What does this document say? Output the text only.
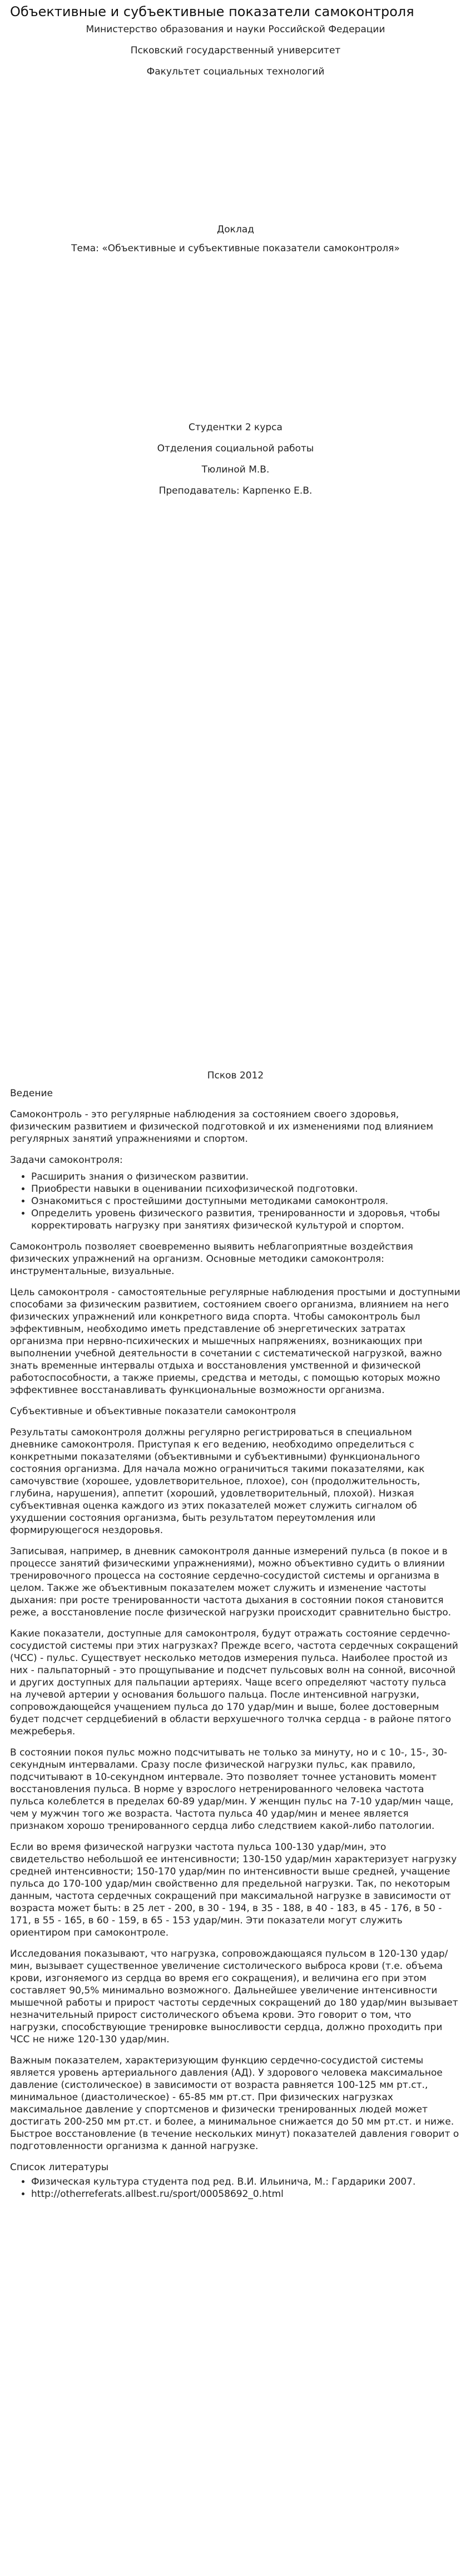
Объективные и субъективные показатели самоконтроля
Министерство образования и науки Российской Федерации
Псковский государственный университет
Факультет социальных технологий
Доклад
Тема: «Объективные и субъективные показатели самоконтроля»
Студентки 2 курса
Отделения социальной работы
Тюлиной М.В.
Преподаватель: Карпенко Е.В.
Псков 2012
Ведение

Самоконтроль - это регулярные наблюдения за состоянием своего здоровья, физическим развитием и физической подготовкой и их изменениями под влиянием регулярных занятий упражнениями и спортом.

Задачи самоконтроля:

• Расширить знания о физическом развитии.
• Приобрести навыки в оценивании психофизической подготовки.
• Ознакомиться с простейшими доступными методиками самоконтроля.
• Определить уровень физического развития, тренированности и здоровья, чтобы корректировать нагрузку при занятиях физической культурой и спортом.

Самоконтроль позволяет своевременно выявить неблагоприятные воздействия физических упражнений на организм. Основные методики самоконтроля: инструментальные, визуальные.

Цель самоконтроля - самостоятельные регулярные наблюдения простыми и доступными способами за физическим развитием, состоянием своего организма, влиянием на него физических упражнений или конкретного вида спорта. Чтобы самоконтроль был эффективным, необходимо иметь представление об энергетических затратах организма при нервно-психических и мышечных напряжениях, возникающих при выполнении учебной деятельности в сочетании с систематической нагрузкой, важно знать временные интервалы отдыха и восстановления умственной и физической работоспособности, а также приемы, средства и методы, с помощью которых можно эффективнее восстанавливать функциональные возможности организма.

Субъективные и объективные показатели самоконтроля

Результаты самоконтроля должны регулярно регистрироваться в специальном дневнике самоконтроля. Приступая к его ведению, необходимо определиться с конкретными показателями (объективными и субъективными) функционального состояния организма. Для начала можно ограничиться такими показателями, как самочувствие (хорошее, удовлетворительное, плохое), сон (продолжительность, глубина, нарушения), аппетит (хороший, удовлетворительный, плохой). Низкая субъективная оценка каждого из этих показателей может служить сигналом об ухудшении состояния организма, быть результатом переутомления или формирующегося нездоровья.

Записывая, например, в дневник самоконтроля данные измерений пульса (в покое и в процессе занятий физическими упражнениями), можно объективно судить о влиянии тренировочного процесса на состояние сердечно-сосудистой системы и организма в целом. Также же объективным показателем может служить и изменение частоты дыхания: при росте тренированности частота дыхания в состоянии покоя становится реже, а восстановление после физической нагрузки происходит сравнительно быстро.

Какие показатели, доступные для самоконтроля, будут отражать состояние сердечно-сосудистой системы при этих нагрузках? Прежде всего, частота сердечных сокращений (ЧСС) - пульс. Существует несколько методов измерения пульса. Наиболее простой из них - пальпаторный - это прощупывание и подсчет пульсовых волн на сонной, височной и других доступных для пальпации артериях. Чаще всего определяют частоту пульса на лучевой артерии у основания большого пальца. После интенсивной нагрузки, сопровождающейся учащением пульса до 170 удар/мин и выше, более достоверным будет подсчет сердцебиений в области верхушечного толчка сердца - в районе пятого межреберья.

В состоянии покоя пульс можно подсчитывать не только за минуту, но и с 10-, 15-, 30- секундным интервалами. Сразу после физической нагрузки пульс, как правило, подсчитывают в 10-секундном интервале. Это позволяет точнее установить момент восстановления пульса. В норме у взрослого нетренированного человека частота пульса колеблется в пределах 60-89 удар/мин. У женщин пульс на 7-10 удар/мин чаще, чем у мужчин того же возраста. Частота пульса 40 удар/мин и менее является признаком хорошо тренированного сердца либо следствием какой-либо патологии.

Если во время физической нагрузки частота пульса 100-130 удар/мин, это свидетельство небольшой ее интенсивности; 130-150 удар/мин характеризует нагрузку средней интенсивности; 150-170 удар/мин по интенсивности выше средней, учащение пульса до 170-100 удар/мин свойственно для предельной нагрузки. Так, по некоторым данным, частота сердечных сокращений при максимальной нагрузке в зависимости от возраста может быть: в 25 лет - 200, в 30 - 194, в 35 - 188, в 40 - 183, в 45 - 176, в 50 - 171, в 55 - 165, в 60 - 159, в 65 - 153 удар/мин. Эти показатели могут служить ориентиром при самоконтроле.

Исследования показывают, что нагрузка, сопровождающаяся пульсом в 120-130 удар/мин, вызывает существенное увеличение систолического выброса крови (т.е. объема крови, изгоняемого из сердца во время его сокращения), и величина его при этом составляет 90,5% минимально возможного. Дальнейшее увеличение интенсивности мышечной работы и прирост частоты сердечных сокращений до 180 удар/мин вызывает незначительный прирост систолического объема крови. Это говорит о том, что нагрузки, способствующие тренировке выносливости сердца, должно проходить при ЧСС не ниже 120-130 удар/мин.

Важным показателем, характеризующим функцию сердечно-сосудистой системы является уровень артериального давления (АД). У здорового человека максимальное давление (систолическое) в зависимости от возраста равняется 100-125 мм рт.ст., минимальное (диастолическое) - 65-85 мм рт.ст. При физических нагрузках максимальное давление у спортсменов и физически тренированных людей может достигать 200-250 мм рт.ст. и более, а минимальное снижается до 50 мм рт.ст. и ниже. Быстрое восстановление (в течение нескольких минут) показателей давления говорит о подготовленности организма к данной нагрузке.

Список литературы
• Физическая культура студента под ред. В.И. Ильинича, М.: Гардарики 2007.
• http://otherreferats.allbest.ru/sport/00058692_0.html
